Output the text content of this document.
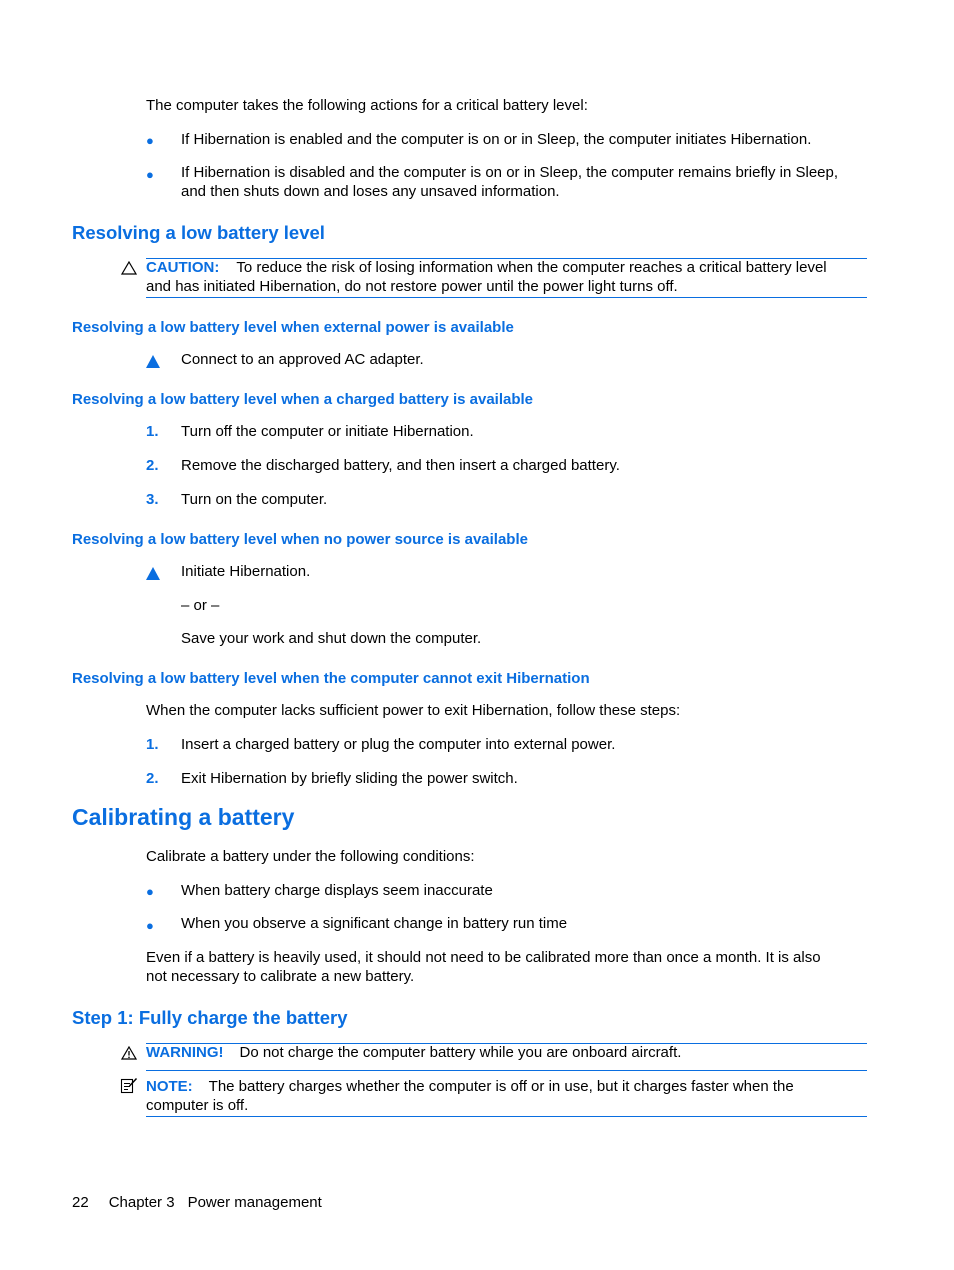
The computer takes the following actions for a critical battery level:
● If Hibernation is enabled and the computer is on or in Sleep, the computer initiates Hibernation.
● If Hibernation is disabled and the computer is on or in Sleep, the computer remains briefly in Sleep,
and then shuts down and loses any unsaved information.
Resolving a low battery level
CAUTION: To reduce the risk of losing information when the computer reaches a critical battery level
and has initiated Hibernation, do not restore power until the power light turns off.
Resolving a low battery level when external power is available
Connect to an approved AC adapter.
Resolving a low battery level when a charged battery is available
1. Turn off the computer or initiate Hibernation.
2. Remove the discharged battery, and then insert a charged battery.
3. Turn on the computer.
Resolving a low battery level when no power source is available
Initiate Hibernation.
– or –
Save your work and shut down the computer.
Resolving a low battery level when the computer cannot exit Hibernation
When the computer lacks sufficient power to exit Hibernation, follow these steps:
1. Insert a charged battery or plug the computer into external power.
2. Exit Hibernation by briefly sliding the power switch.
Calibrating a battery
Calibrate a battery under the following conditions:
● When battery charge displays seem inaccurate
● When you observe a significant change in battery run time
Even if a battery is heavily used, it should not need to be calibrated more than once a month. It is also
not necessary to calibrate a new battery.
Step 1: Fully charge the battery
WARNING! Do not charge the computer battery while you are onboard aircraft.
NOTE: The battery charges whether the computer is off or in use, but it charges faster when the
computer is off.
22 Chapter 3 Power management
